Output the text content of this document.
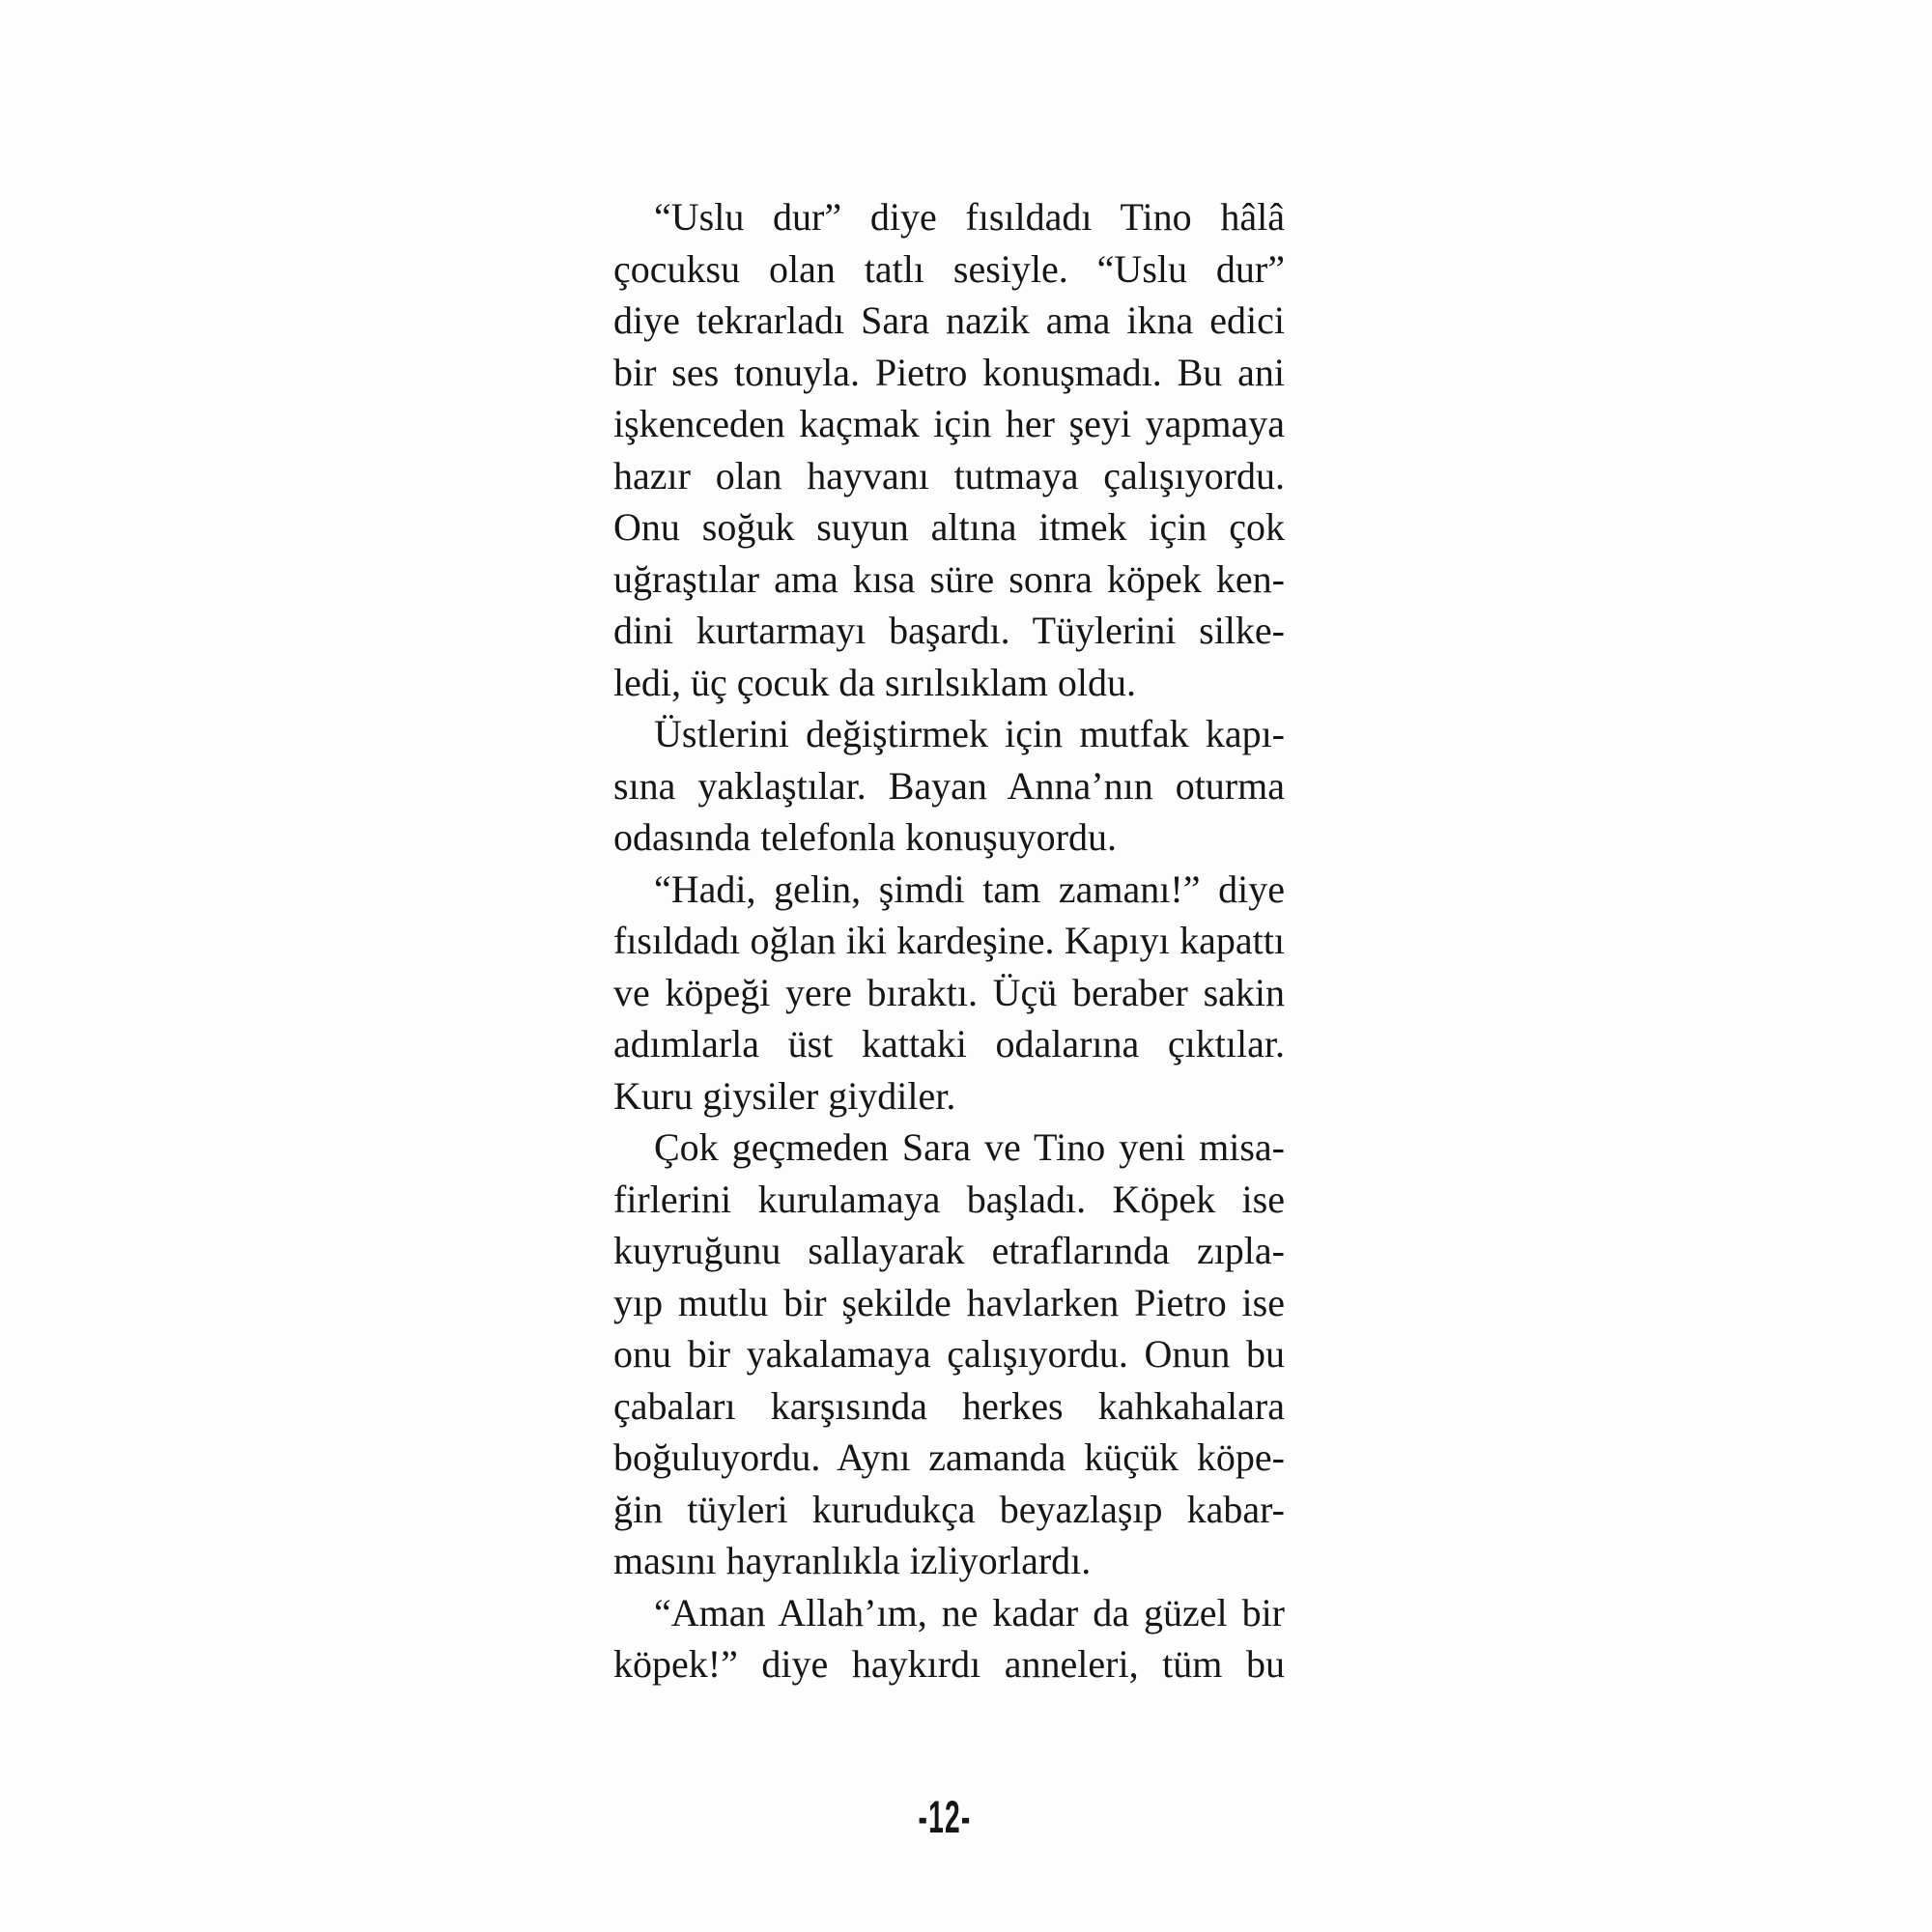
“Uslu dur” diye fısıldadı Tino hâlâ
çocuksu olan tatlı sesiyle. “Uslu dur”
diye tekrarladı Sara nazik ama ikna edici
bir ses tonuyla. Pietro konuşmadı. Bu ani
işkenceden kaçmak için her şeyi yapmaya
hazır olan hayvanı tutmaya çalışıyordu.
Onu soğuk suyun altına itmek için çok
uğraştılar ama kısa süre sonra köpek ken-
dini kurtarmayı başardı. Tüylerini silke-
ledi, üç çocuk da sırılsıklam oldu.
Üstlerini değiştirmek için mutfak kapı-
sına yaklaştılar. Bayan Anna’nın oturma
odasında telefonla konuşuyordu.
“Hadi, gelin, şimdi tam zamanı!” diye
fısıldadı oğlan iki kardeşine. Kapıyı kapattı
ve köpeği yere bıraktı. Üçü beraber sakin
adımlarla üst kattaki odalarına çıktılar.
Kuru giysiler giydiler.
Çok geçmeden Sara ve Tino yeni misa-
firlerini kurulamaya başladı. Köpek ise
kuyruğunu sallayarak etraflarında zıpla-
yıp mutlu bir şekilde havlarken Pietro ise
onu bir yakalamaya çalışıyordu. Onun bu
çabaları karşısında herkes kahkahalara
boğuluyordu. Aynı zamanda küçük köpe-
ğin tüyleri kurudukça beyazlaşıp kabar-
masını hayranlıkla izliyorlardı.
“Aman Allah’ım, ne kadar da güzel bir
köpek!” diye haykırdı anneleri, tüm bu
-12-
